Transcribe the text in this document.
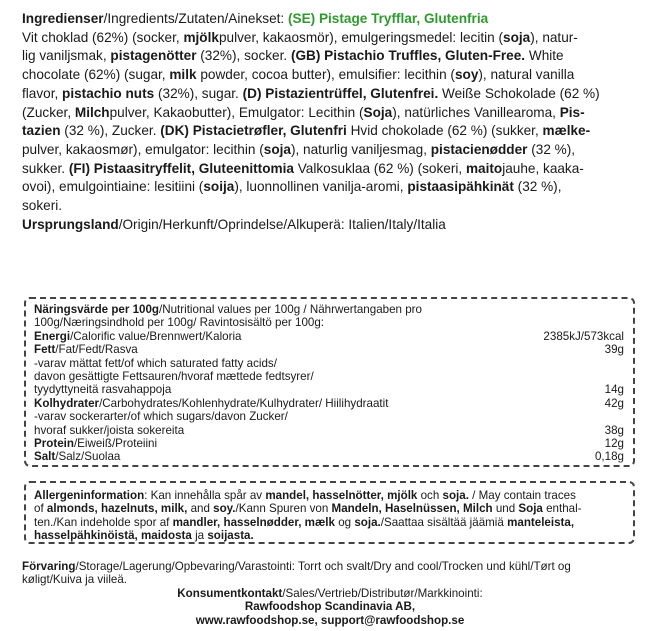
Ingredienser/Ingredients/Zutaten/Ainekset: (SE) Pistage Tryfflar, Glutenfria

Vit choklad (62%) (socker, mjölkpulver, kakaosmör), emulgeringsmedel: lecitin (soja), natur-

lig vaniljsmak, pistagenötter (32%), socker. (GB) Pistachio Truffles, Gluten-Free. White

chocolate (62%) (sugar, milk powder, cocoa butter), emulsifier: lecithin (soy), natural vanilla

flavor, pistachio nuts (32%), sugar. (D) Pistazientrüffel, Glutenfrei. Weiße Schokolade (62 %)

(Zucker, Milchpulver, Kakaobutter), Emulgator: Lecithin (Soja), natürliches Vanillearoma, Pis-

tazien (32 %), Zucker. (DK) Pistacietrøfler, Glutenfri Hvid chokolade (62 %) (sukker, mælke-

pulver, kakaosmør), emulgator: lecithin (soja), naturlig vaniljesmag, pistacienødder (32 %),

sukker. (FI) Pistaasitryffelit, Gluteenittomia Valkosuklaa (62 %) (sokeri, maitojauhe, kaaka-

ovoi), emulgointiaine: lesitiini (soija), luonnollinen vanilja-aromi, pistaasipähkinät (32 %),

sokeri.

Ursprungsland/Origin/Herkunft/Oprindelse/Alkuperä: Italien/Italy/Italia

Näringsvärde per 100g/Nutritional values per 100g / Nährwertangaben pro
100g/Næringsindhold per 100g/ Ravintosisältö per 100g:
Energi/Calorific value/Brennwert/Kaloria	2385kJ/573kcal
Fett/Fat/Fedt/Rasva	39g
-varav mättat fett/of which saturated fatty acids/
davon gesättigte Fettsauren/hvoraf mættede fedtsyrer/
tyydyttyneitä rasvahappoja	14g
Kolhydrater/Carbohydrates/Kohlenhydrate/Kulhydrater/ Hiilihydraatit	42g
-varav sockerarter/of which sugars/davon Zucker/
hvoraf sukker/joista sokereita	38g
Protein/Eiweiß/Proteiini	12g
Salt/Salz/Suolaa	0,18g
Allergeninformation: Kan innehålla spår av mandel, hasselnötter, mjölk och soja. / May contain traces
of almonds, hazelnuts, milk, and soy./Kann Spuren von Mandeln, Haselnüssen, Milch und Soja enthal-
ten./Kan indeholde spor af mandler, hasselnødder, mælk og soja./Saattaa sisältää jäämiä manteleista,
hasselpähkinöistä, maidosta ja soijasta.
Förvaring/Storage/Lagerung/Opbevaring/Varastointi: Torrt och svalt/Dry and cool/Trocken und kühl/Tørt og
køligt/Kuiva ja viileä.
Konsumentkontakt/Sales/Vertrieb/Distributør/Markkinointi:
Rawfoodshop Scandinavia AB,
www.rawfoodshop.se, support@rawfoodshop.se
